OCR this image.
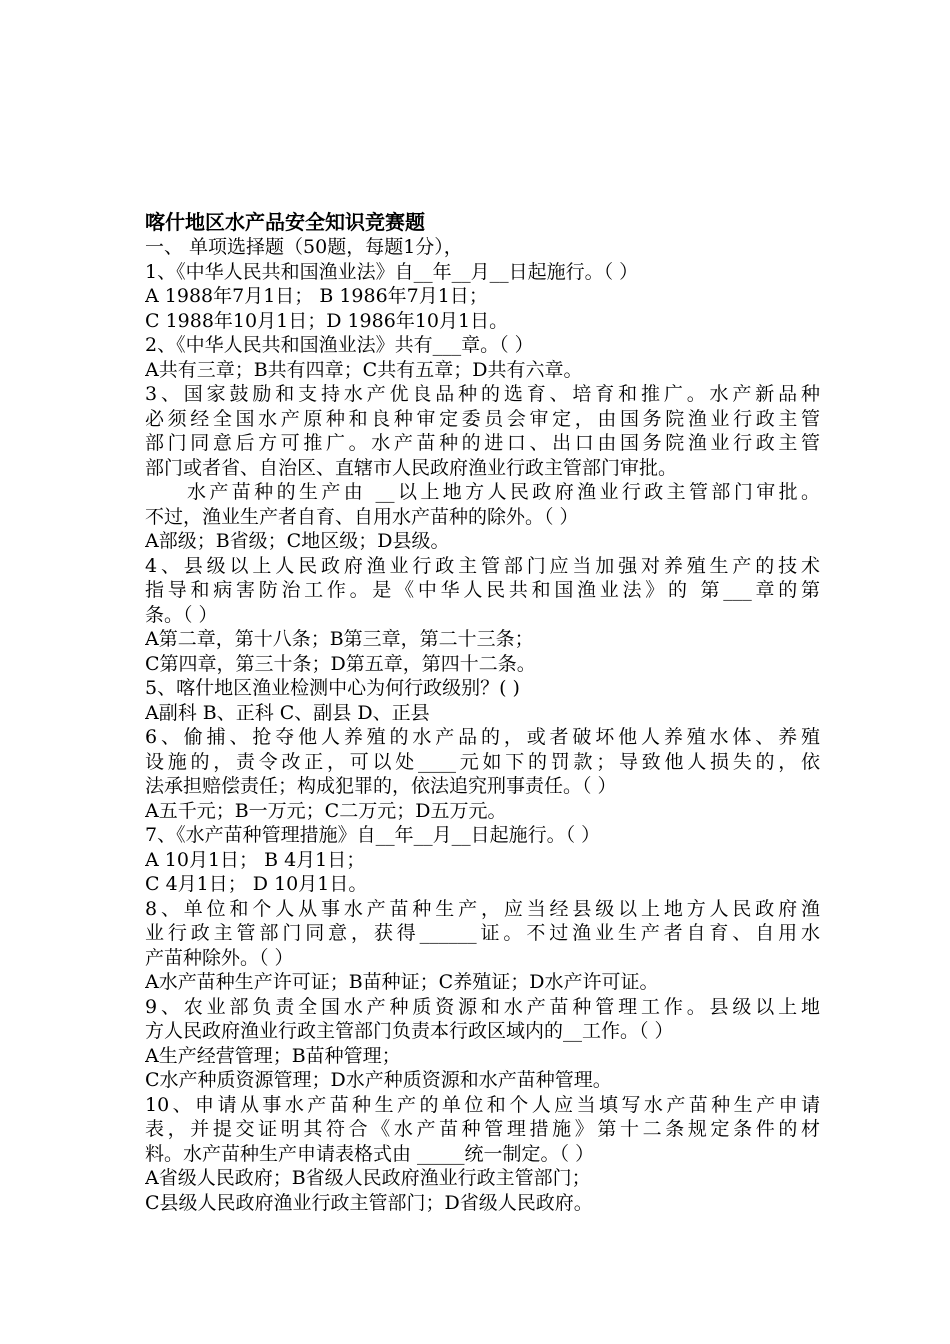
喀什地区水产品安全知识竞赛题
一、 单项选择题（50题，每题1分），
1、《中华人民共和国渔业法》自__年__月__日起施行。（ ）
A 1988年7月1日； B 1986年7月1日；
C 1988年10月1日；D 1986年10月1日。
2、《中华人民共和国渔业法》共有___章。（ ）
A共有三章；B共有四章；C共有五章；D共有六章。
3、国家鼓励和支持水产优良品种的选育、培育和推广。水产新品种
必须经全国水产原种和良种审定委员会审定，由国务院渔业行政主管
部门同意后方可推广。水产苗种的进口、出口由国务院渔业行政主管
部门或者省、自治区、直辖市人民政府渔业行政主管部门审批。
水产苗种的生产由 __以上地方人民政府渔业行政主管部门审批。
不过，渔业生产者自育、自用水产苗种的除外。（ ）
A部级；B省级；C地区级；D县级。
4、县级以上人民政府渔业行政主管部门应当加强对养殖生产的技术
指导和病害防治工作。是《中华人民共和国渔业法》的 第___章的第
条。（ ）
A第二章，第十八条；B第三章，第二十三条；
C第四章，第三十条；D第五章，第四十二条。
5、喀什地区渔业检测中心为何行政级别？( )
A副科 B、正科 C、副县 D、正县
6、偷捕、抢夺他人养殖的水产品的，或者破坏他人养殖水体、养殖
设施的，责令改正，可以处____元如下的罚款；导致他人损失的，依
法承担赔偿责任；构成犯罪的，依法追究刑事责任。（ ）
A五千元；B一万元；C二万元；D五万元。
7、《水产苗种管理措施》自__年__月__日起施行。（ ）
A 10月1日； B 4月1日；
C 4月1日； D 10月1日。
8、单位和个人从事水产苗种生产，应当经县级以上地方人民政府渔
业行政主管部门同意，获得______证。不过渔业生产者自育、自用水
产苗种除外。（ ）
A水产苗种生产许可证；B苗种证；C养殖证；D水产许可证。
9、农业部负责全国水产种质资源和水产苗种管理工作。县级以上地
方人民政府渔业行政主管部门负责本行政区域内的__工作。（ ）
A生产经营管理；B苗种管理；
C水产种质资源管理；D水产种质资源和水产苗种管理。
10、申请从事水产苗种生产的单位和个人应当填写水产苗种生产申请
表，并提交证明其符合《水产苗种管理措施》第十二条规定条件的材
料。水产苗种生产申请表格式由 _____统一制定。（ ）
A省级人民政府；B省级人民政府渔业行政主管部门；
C县级人民政府渔业行政主管部门；D省级人民政府。
